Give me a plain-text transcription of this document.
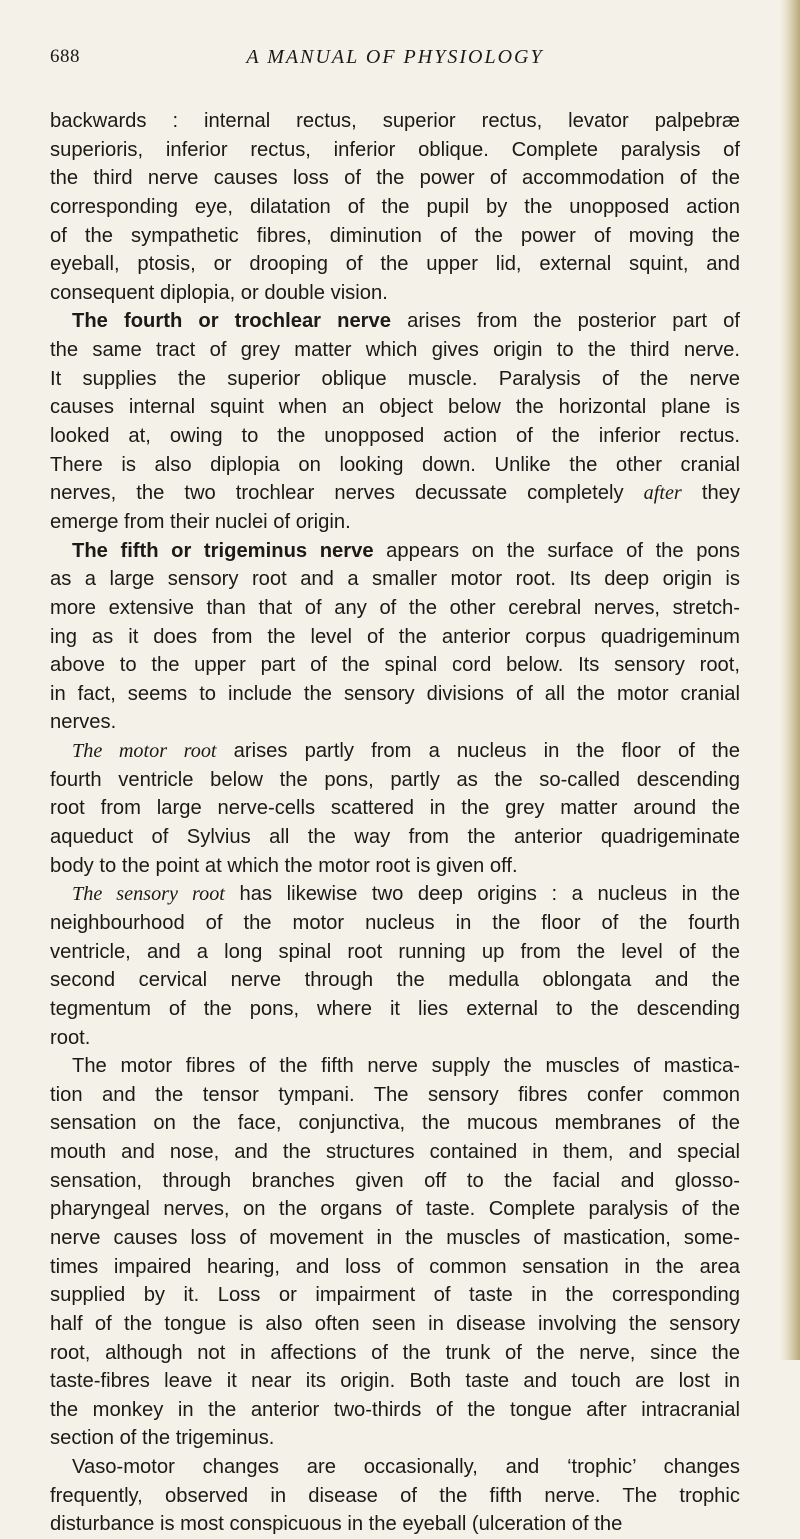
688	A MANUAL OF PHYSIOLOGY
backwards : internal rectus, superior rectus, levator palpebræ
superioris, inferior rectus, inferior oblique. Complete paralysis of
the third nerve causes loss of the power of accommodation of the
corresponding eye, dilatation of the pupil by the unopposed action
of the sympathetic fibres, diminution of the power of moving the
eyeball, ptosis, or drooping of the upper lid, external squint, and
consequent diplopia, or double vision.
The fourth or trochlear nerve arises from the posterior part of
the same tract of grey matter which gives origin to the third nerve.
It supplies the superior oblique muscle. Paralysis of the nerve
causes internal squint when an object below the horizontal plane is
looked at, owing to the unopposed action of the inferior rectus.
There is also diplopia on looking down. Unlike the other cranial
nerves, the two trochlear nerves decussate completely after they
emerge from their nuclei of origin.
The fifth or trigeminus nerve appears on the surface of the pons
as a large sensory root and a smaller motor root. Its deep origin is
more extensive than that of any of the other cerebral nerves, stretch-
ing as it does from the level of the anterior corpus quadrigeminum
above to the upper part of the spinal cord below. Its sensory root,
in fact, seems to include the sensory divisions of all the motor cranial
nerves.
The motor root arises partly from a nucleus in the floor of the
fourth ventricle below the pons, partly as the so-called descending
root from large nerve-cells scattered in the grey matter around the
aqueduct of Sylvius all the way from the anterior quadrigeminate
body to the point at which the motor root is given off.
The sensory root has likewise two deep origins : a nucleus in the
neighbourhood of the motor nucleus in the floor of the fourth
ventricle, and a long spinal root running up from the level of the
second cervical nerve through the medulla oblongata and the
tegmentum of the pons, where it lies external to the descending
root.
The motor fibres of the fifth nerve supply the muscles of mastica-
tion and the tensor tympani. The sensory fibres confer common
sensation on the face, conjunctiva, the mucous membranes of the
mouth and nose, and the structures contained in them, and special
sensation, through branches given off to the facial and glosso-
pharyngeal nerves, on the organs of taste. Complete paralysis of the
nerve causes loss of movement in the muscles of mastication, some-
times impaired hearing, and loss of common sensation in the area
supplied by it. Loss or impairment of taste in the corresponding
half of the tongue is also often seen in disease involving the sensory
root, although not in affections of the trunk of the nerve, since the
taste-fibres leave it near its origin. Both taste and touch are lost in
the monkey in the anterior two-thirds of the tongue after intracranial
section of the trigeminus.
Vaso-motor changes are occasionally, and ‘trophic’ changes
frequently, observed in disease of the fifth nerve. The trophic
disturbance is most conspicuous in the eyeball (ulceration of the
